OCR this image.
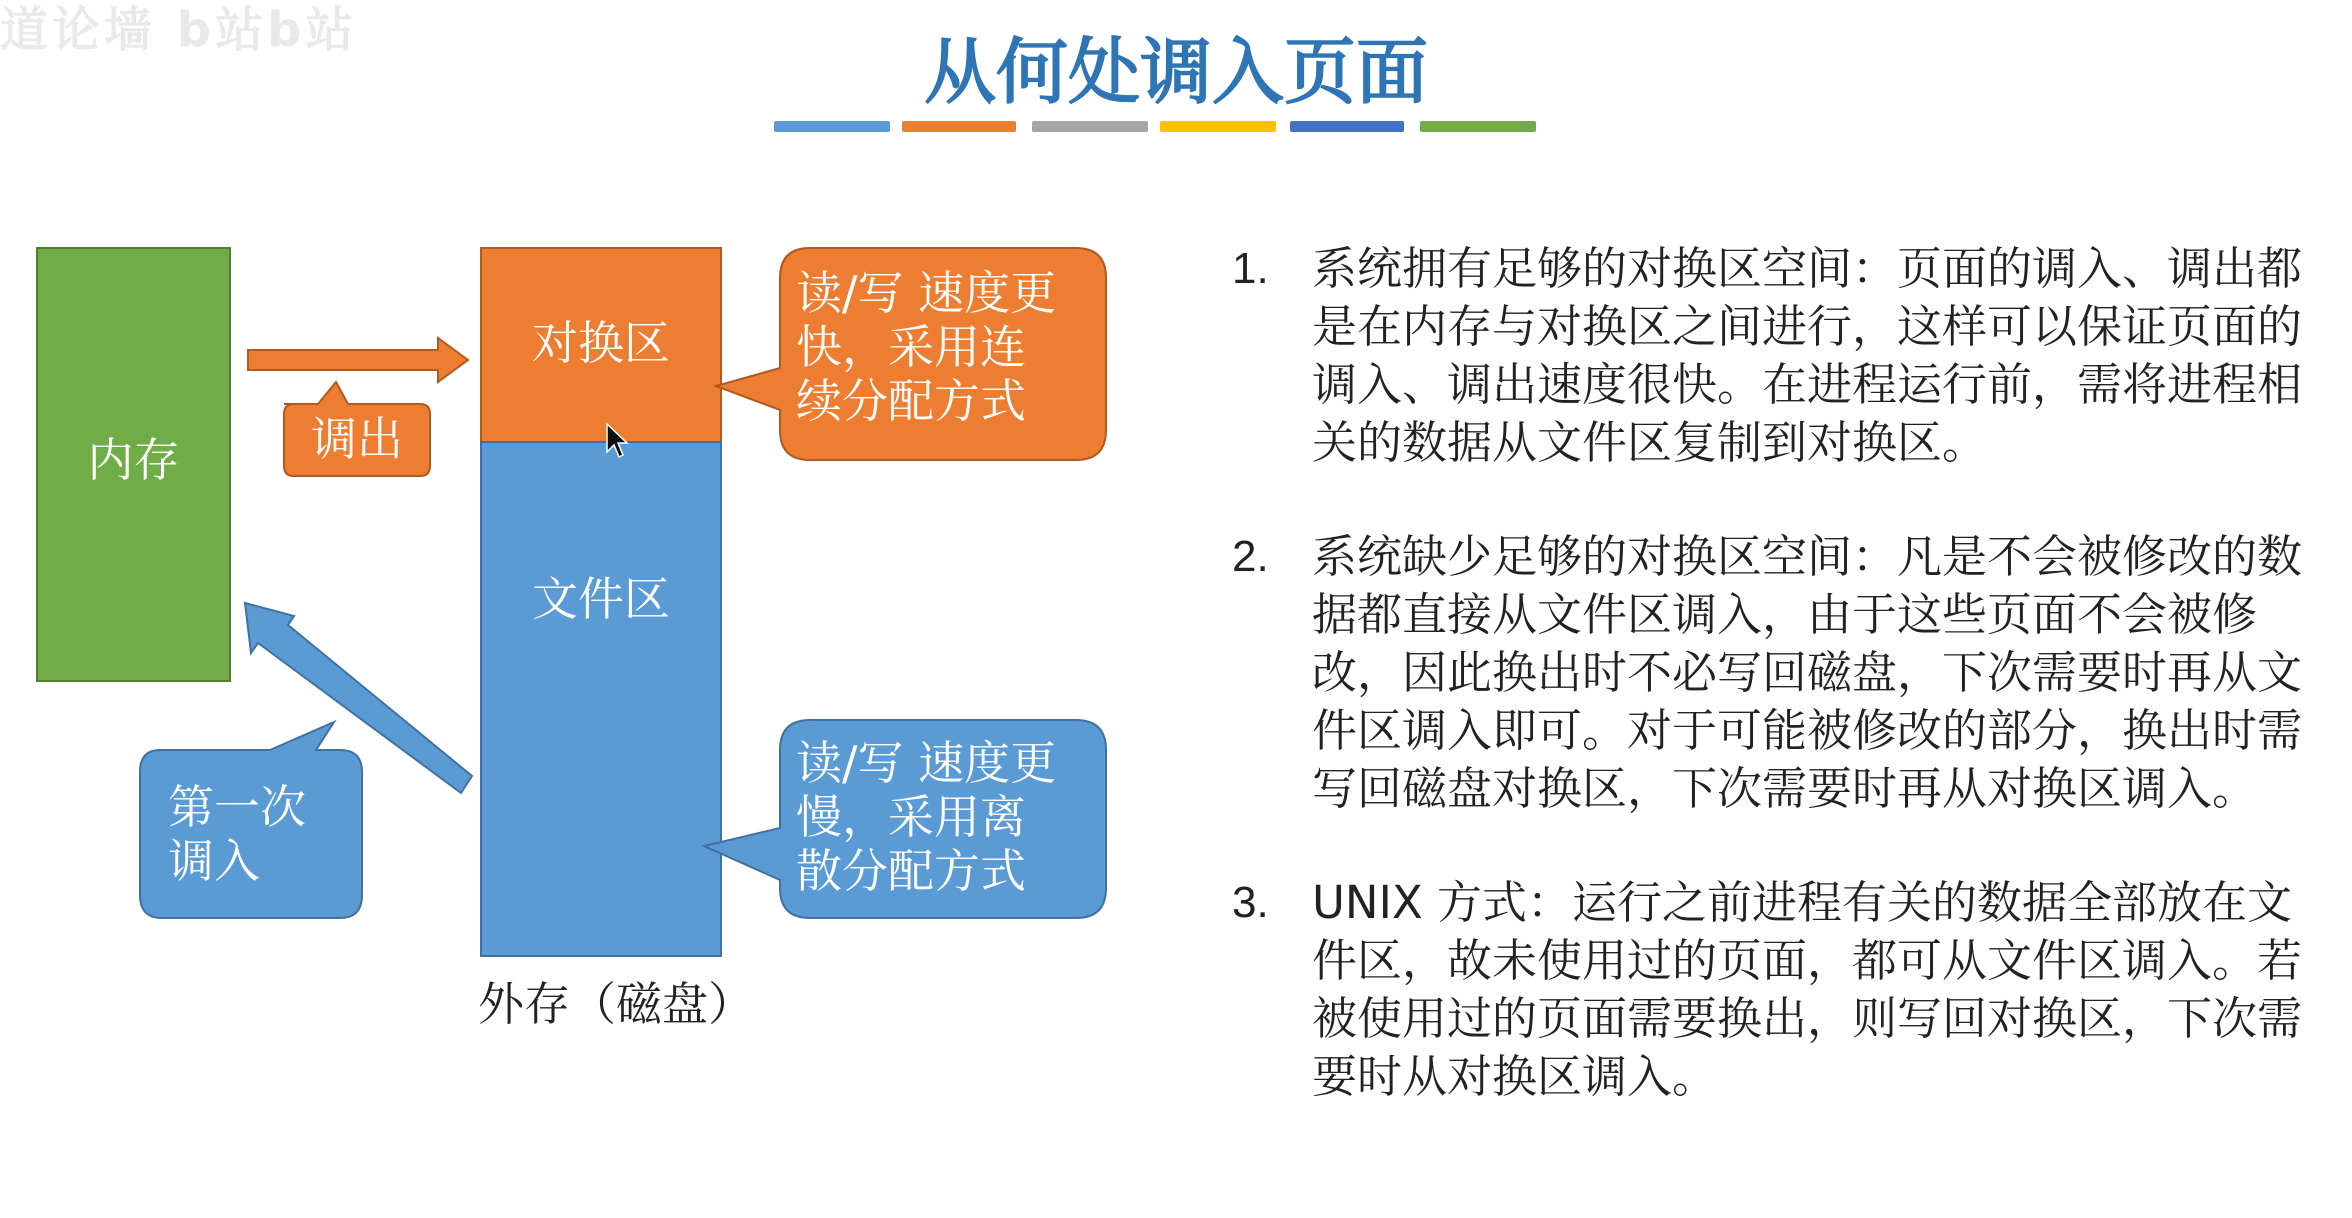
道论墙 b站b站	从何处调入页面
内存
对换区
文件区
调出
第一次
调入
读/写 速度更
快，采用连
续分配方式
读/写 速度更
慢，采用离
散分配方式
外存（磁盘）
1. 系统拥有足够的对换区空间：页面的调入、调出都是在内存与对换区之间进行，这样可以保证页面的调入、调出速度很快。在进程运行前，需将进程相关的数据从文件区复制到对换区。
2. 系统缺少足够的对换区空间：凡是不会被修改的数据都直接从文件区调入，由于这些页面不会被修改，因此换出时不必写回磁盘，下次需要时再从文件区调入即可。对于可能被修改的部分，换出时需写回磁盘对换区，下次需要时再从对换区调入。
3. UNIX 方式：运行之前进程有关的数据全部放在文件区，故未使用过的页面，都可从文件区调入。若被使用过的页面需要换出，则写回对换区，下次需要时从对换区调入。
